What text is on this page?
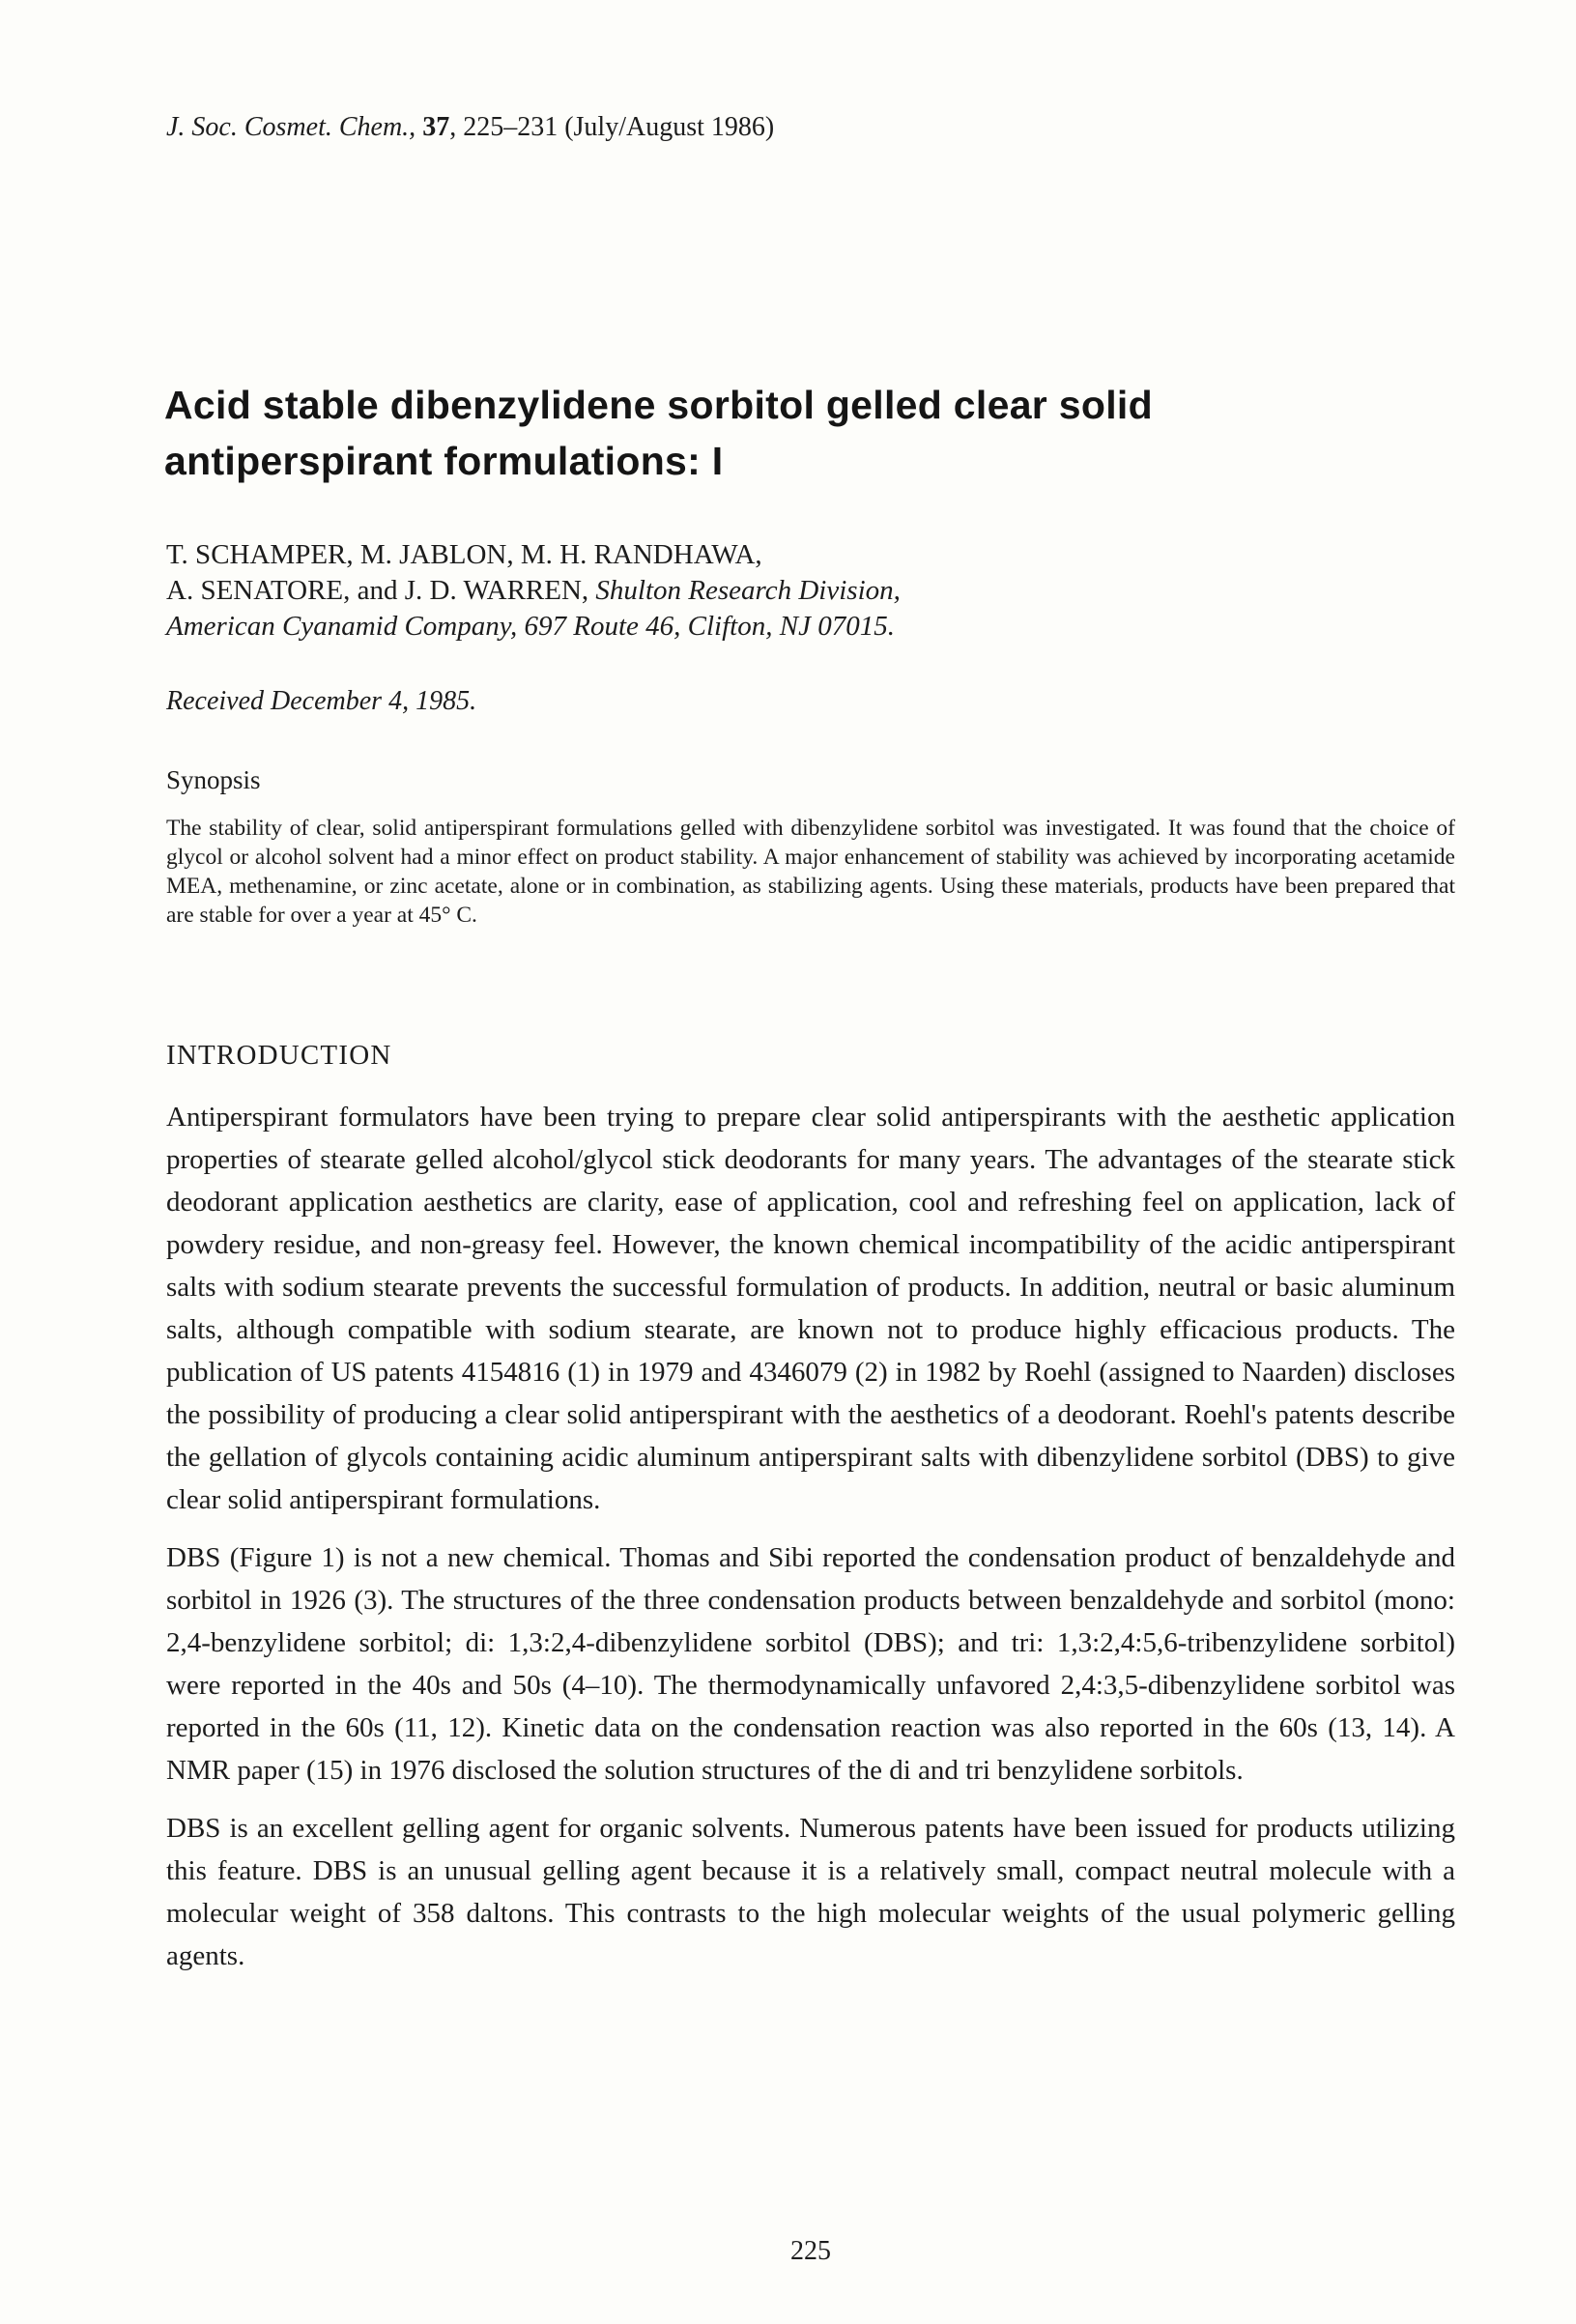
J. Soc. Cosmet. Chem., 37, 225–231 (July/August 1986)
Acid stable dibenzylidene sorbitol gelled clear solid
antiperspirant formulations: I
T. SCHAMPER, M. JABLON, M. H. RANDHAWA,
A. SENATORE, and J. D. WARREN, Shulton Research Division,
American Cyanamid Company, 697 Route 46, Clifton, NJ 07015.
Received December 4, 1985.
Synopsis
The stability of clear, solid antiperspirant formulations gelled with dibenzylidene sorbitol was investigated. It was found that the choice of glycol or alcohol solvent had a minor effect on product stability. A major enhancement of stability was achieved by incorporating acetamide MEA, methenamine, or zinc acetate, alone or in combination, as stabilizing agents. Using these materials, products have been prepared that are stable for over a year at 45° C.
INTRODUCTION

Antiperspirant formulators have been trying to prepare clear solid antiperspirants with the aesthetic application properties of stearate gelled alcohol/glycol stick deodorants for many years. The advantages of the stearate stick deodorant application aesthetics are clarity, ease of application, cool and refreshing feel on application, lack of powdery residue, and non-greasy feel. However, the known chemical incompatibility of the acidic antiperspirant salts with sodium stearate prevents the successful formulation of products. In addition, neutral or basic aluminum salts, although compatible with sodium stearate, are known not to produce highly efficacious products. The publication of US patents 4154816 (1) in 1979 and 4346079 (2) in 1982 by Roehl (assigned to Naarden) discloses the possibility of producing a clear solid antiperspirant with the aesthetics of a deodorant. Roehl's patents describe the gellation of glycols containing acidic aluminum antiperspirant salts with dibenzylidene sorbitol (DBS) to give clear solid antiperspirant formulations.

DBS (Figure 1) is not a new chemical. Thomas and Sibi reported the condensation product of benzaldehyde and sorbitol in 1926 (3). The structures of the three condensation products between benzaldehyde and sorbitol (mono: 2,4-benzylidene sorbitol; di: 1,3:2,4-dibenzylidene sorbitol (DBS); and tri: 1,3:2,4:5,6-tribenzylidene sorbitol) were reported in the 40s and 50s (4–10). The thermodynamically unfavored 2,4:3,5-dibenzylidene sorbitol was reported in the 60s (11, 12). Kinetic data on the condensation reaction was also reported in the 60s (13, 14). A NMR paper (15) in 1976 disclosed the solution structures of the di and tri benzylidene sorbitols.

DBS is an excellent gelling agent for organic solvents. Numerous patents have been issued for products utilizing this feature. DBS is an unusual gelling agent because it is a relatively small, compact neutral molecule with a molecular weight of 358 daltons. This contrasts to the high molecular weights of the usual polymeric gelling agents.

225
